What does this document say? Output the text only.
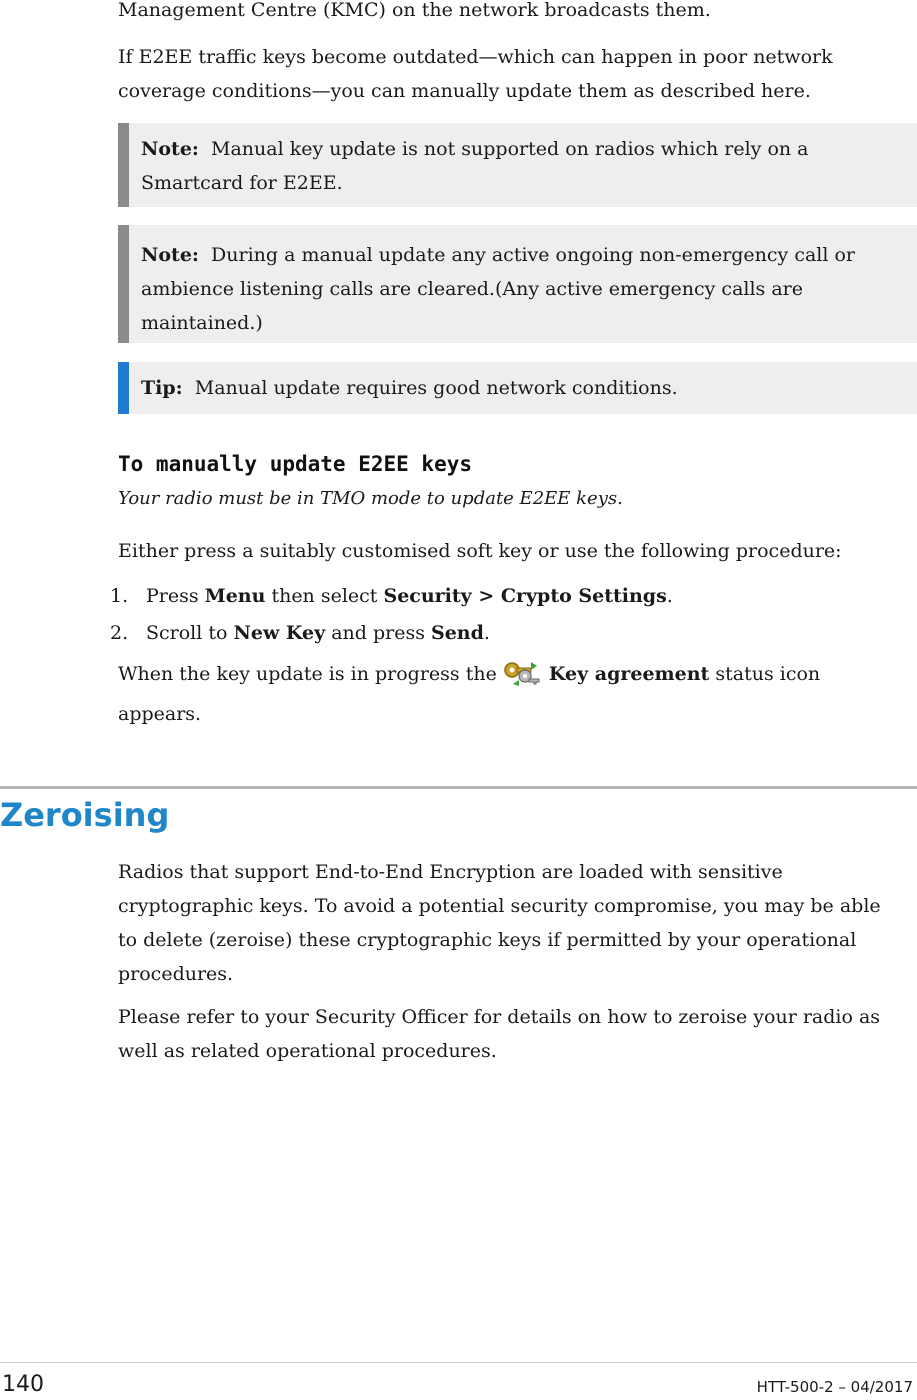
Management Centre (KMC) on the network broadcasts them.

If E2EE traffic keys become outdated—which can happen in poor network coverage conditions—you can manually update them as described here.

Note: Manual key update is not supported on radios which rely on a Smartcard for E2EE.

Note: During a manual update any active ongoing non-emergency call or ambience listening calls are cleared.(Any active emergency calls are maintained.)

Tip: Manual update requires good network conditions.

To manually update E2EE keys
Your radio must be in TMO mode to update E2EE keys.

Either press a suitably customised soft key or use the following procedure:

1. Press Menu then select Security > Crypto Settings.
2. Scroll to New Key and press Send.

When the key update is in progress the  Key agreement status icon appears.

Zeroising

Radios that support End-to-End Encryption are loaded with sensitive cryptographic keys. To avoid a potential security compromise, you may be able to delete (zeroise) these cryptographic keys if permitted by your operational procedures.

Please refer to your Security Officer for details on how to zeroise your radio as well as related operational procedures.

140	HTT-500-2 – 04/2017
